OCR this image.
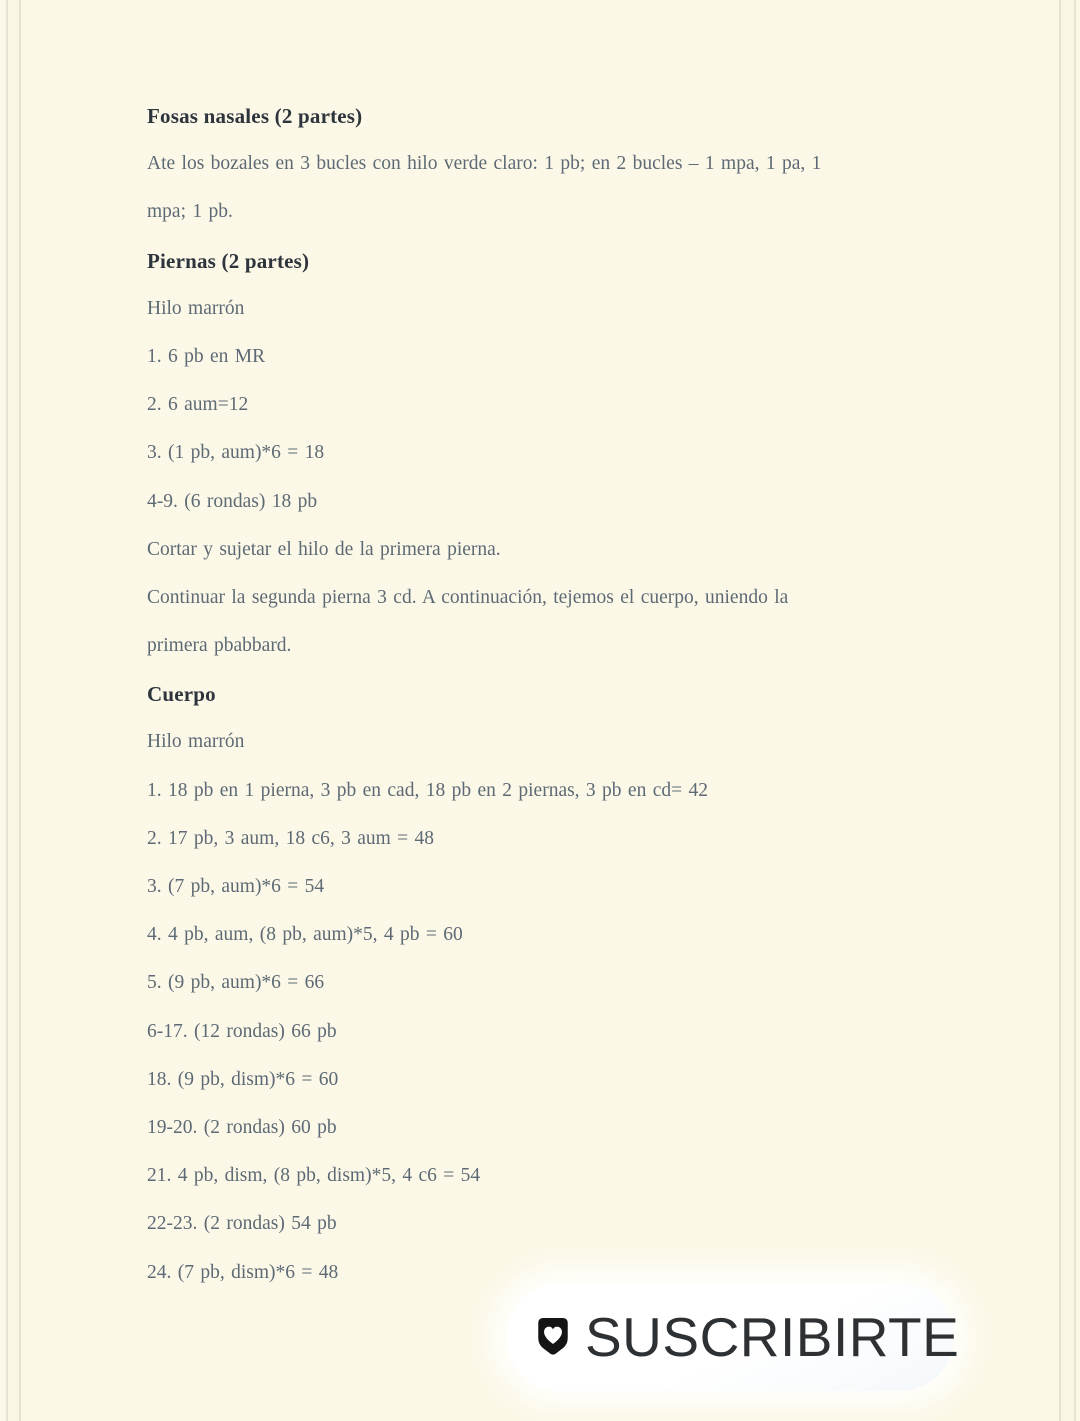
Fosas nasales (2 partes)
Ate los bozales en 3 bucles con hilo verde claro: 1 pb; en 2 bucles – 1 mpa, 1 pa, 1
mpa; 1 pb.
Piernas (2 partes)
Hilo marrón
1. 6 pb en MR
2. 6 aum=12
3. (1 pb, aum)*6 = 18
4-9. (6 rondas) 18 pb
Cortar y sujetar el hilo de la primera pierna.
Continuar la segunda pierna 3 cd. A continuación, tejemos el cuerpo, uniendo la
primera pbabbard.
Cuerpo
Hilo marrón
1. 18 pb en 1 pierna, 3 pb en cad, 18 pb en 2 piernas, 3 pb en cd= 42
2. 17 pb, 3 aum, 18 c6, 3 aum = 48
3. (7 pb, aum)*6 = 54
4. 4 pb, aum, (8 pb, aum)*5, 4 pb = 60
5. (9 pb, aum)*6 = 66
6-17. (12 rondas) 66 pb
18. (9 pb, dism)*6 = 60
19-20. (2 rondas) 60 pb
21. 4 pb, dism, (8 pb, dism)*5, 4 c6 = 54
22-23. (2 rondas) 54 pb
24. (7 pb, dism)*6 = 48
SUSCRIBIRTE
